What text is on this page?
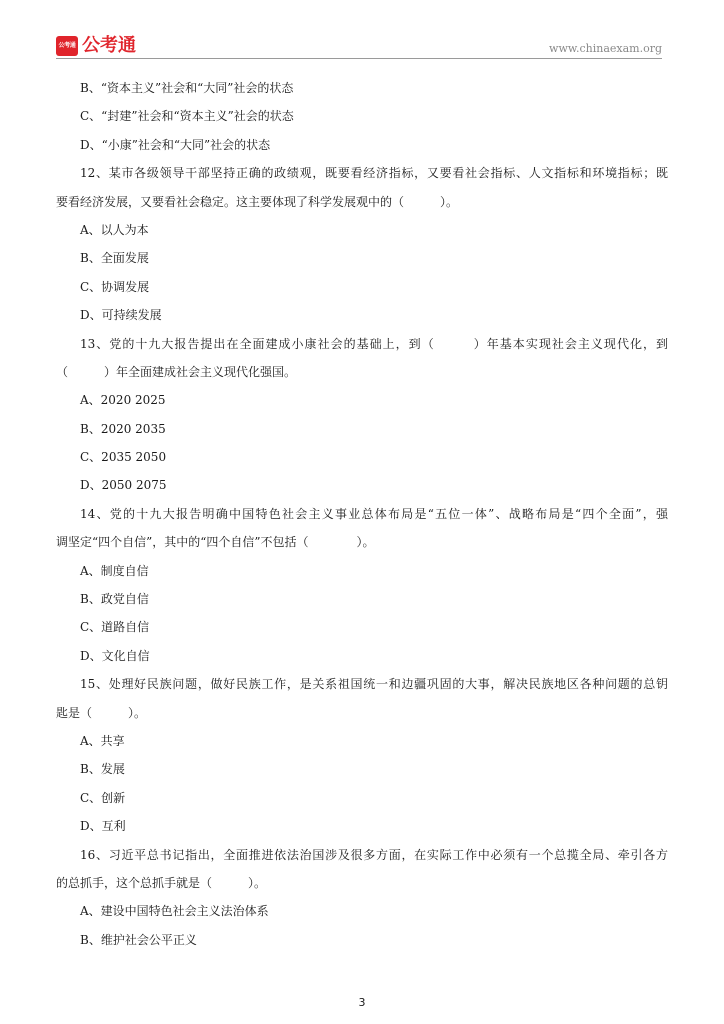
公考通 公考通	www.chinaexam.org
B、“资本主义”社会和“大同”社会的状态
C、“封建”社会和“资本主义”社会的状态
D、“小康”社会和“大同”社会的状态
12、某市各级领导干部坚持正确的政绩观，既要看经济指标，又要看社会指标、人文指标和环境指标；既
要看经济发展，又要看社会稳定。这主要体现了科学发展观中的（　　　）。
A、以人为本
B、全面发展
C、协调发展
D、可持续发展
13、党的十九大报告提出在全面建成小康社会的基础上，到（　　　）年基本实现社会主义现代化，到
（　　　）年全面建成社会主义现代化强国。
A、2020 2025
B、2020 2035
C、2035 2050
D、2050 2075
14、党的十九大报告明确中国特色社会主义事业总体布局是“五位一体”、战略布局是“四个全面”，强
调坚定“四个自信”，其中的“四个自信”不包括（　　　　）。
A、制度自信
B、政党自信
C、道路自信
D、文化自信
15、处理好民族问题，做好民族工作，是关系祖国统一和边疆巩固的大事，解决民族地区各种问题的总钥
匙是（　　　）。
A、共享
B、发展
C、创新
D、互利
16、习近平总书记指出，全面推进依法治国涉及很多方面，在实际工作中必须有一个总揽全局、牵引各方
的总抓手，这个总抓手就是（　　　）。
A、建设中国特色社会主义法治体系
B、维护社会公平正义
3
